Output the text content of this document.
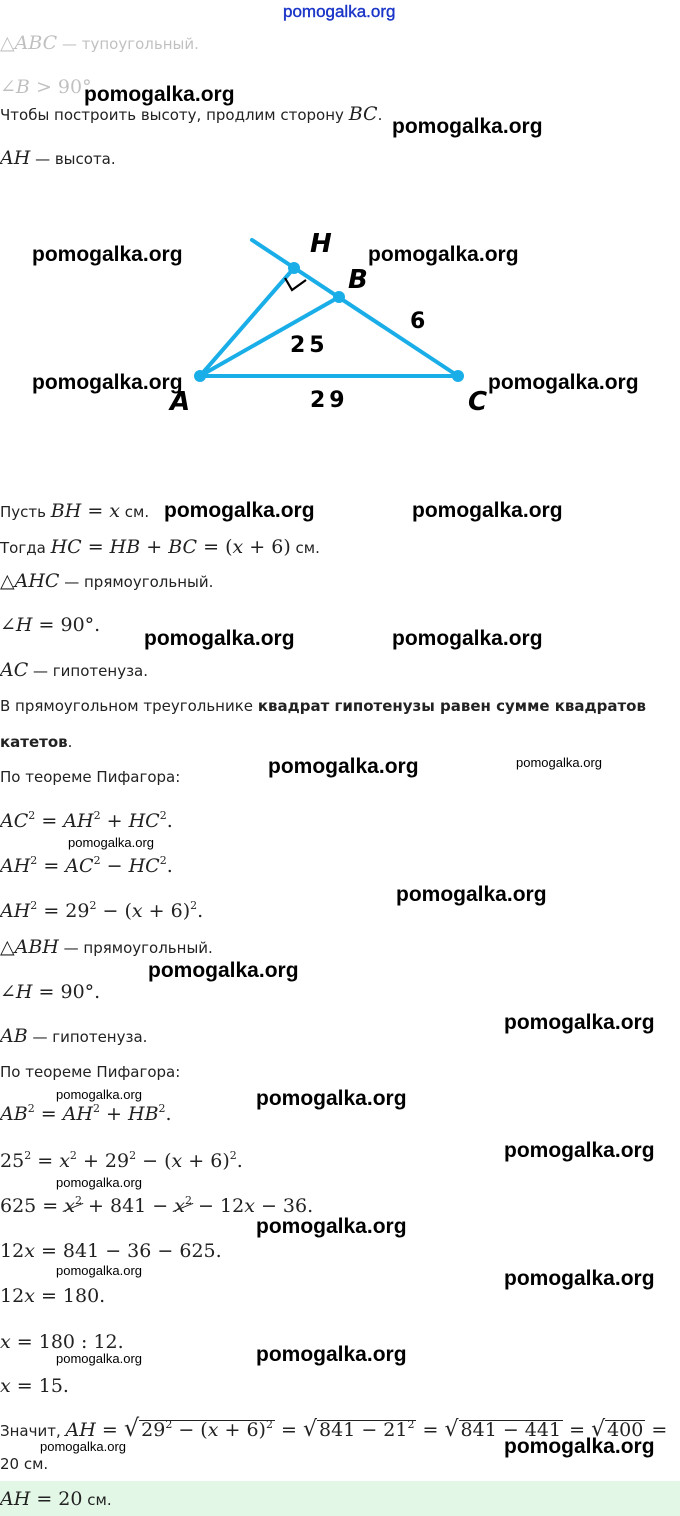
pomogalka.org
△ABC — тупоугольный.
∠B > 90°
Чтобы построить высоту, продлим сторону BC.
AH — высота.
H
B
A	C
25
29
6
Пусть BH = x см.
Тогда HC = HB + BC = (x + 6) см.
△AHC — прямоугольный.
∠H = 90°.
AC — гипотенуза.
В прямоугольном треугольнике квадрат гипотенузы равен сумме квадратов
катетов.
По теореме Пифагора:
$AC^2 = AH^2 + HC^2$.
$AH^2 = AC^2 - HC^2$.
$AH^2 = 29^2 - (x + 6)^2$.
△ABH — прямоугольный.
∠H = 90°.
AB — гипотенуза.
По теореме Пифагора:
$AB^2 = AH^2 + HB^2$.
$25^2 = x^2 + 29^2 - (x + 6)^2$.
$625 = x^2 + 841 - x^2 - 12x - 36$.
12x = 841 − 36 − 625.
12x = 180.
x = 180 : 12.
x = 15.
Значит, AH = √ $29^2 - (x + 6)^2$ = √ $841 - 21^2$ = √ 841 − 441 = √ 400 =
20 см.
AH = 20 см.
pomogalka.org
pomogalka.org
pomogalka.org	pomogalka.org
pomogalka.org	pomogalka.org
pomogalka.org	pomogalka.org
pomogalka.org	pomogalka.org
pomogalka.org
pomogalka.org
pomogalka.org
pomogalka.org
pomogalka.org
pomogalka.org
pomogalka.org
pomogalka.org
pomogalka.org
pomogalka.org
pomogalka.org
pomogalka.org
pomogalka.org
pomogalka.org
pomogalka.org
pomogalka.org
pomogalka.org
